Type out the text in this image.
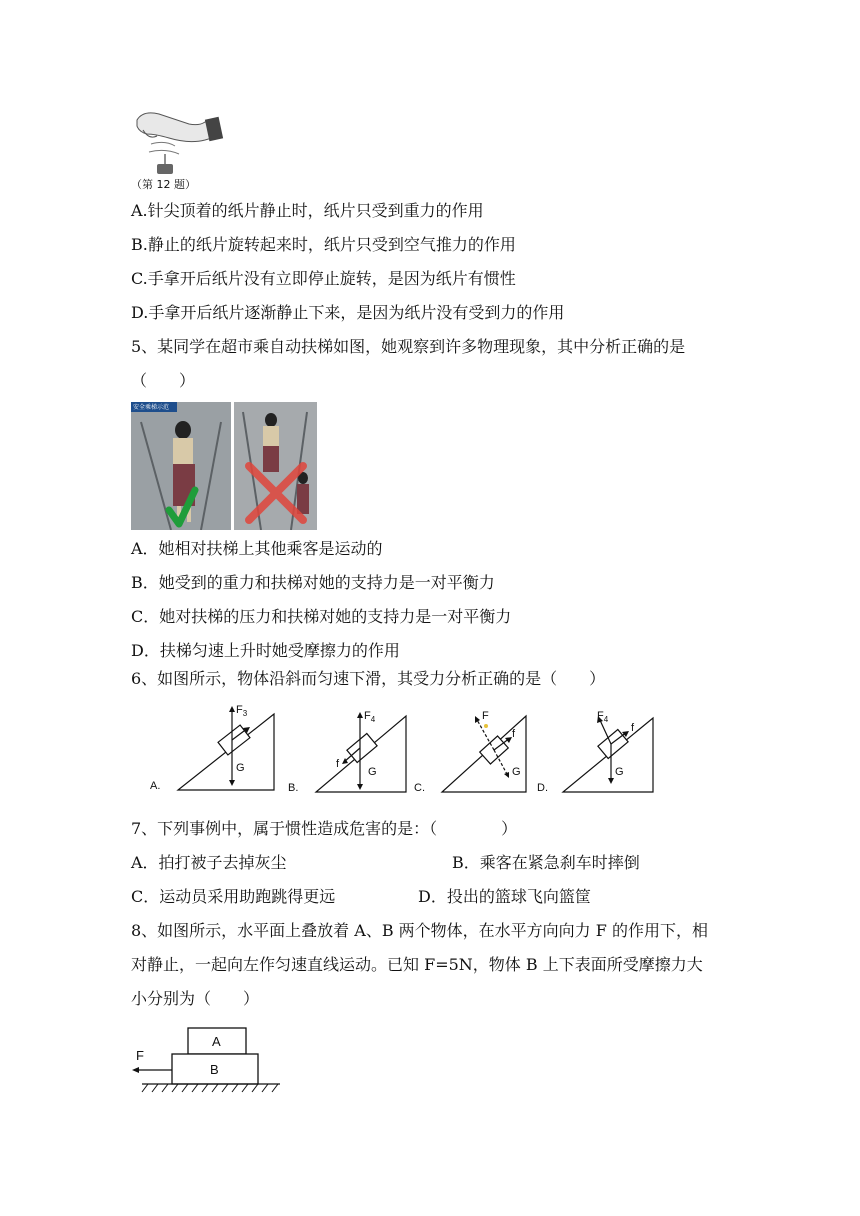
（第 12 题）
A.针尖顶着的纸片静止时，纸片只受到重力的作用
B.静止的纸片旋转起来时，纸片只受到空气推力的作用
C.手拿开后纸片没有立即停止旋转，是因为纸片有惯性
D.手拿开后纸片逐渐静止下来，是因为纸片没有受到力的作用
5、某同学在超市乘自动扶梯如图，她观察到许多物理现象，其中分析正确的是
（　　）
安全乘梯示范
A．她相对扶梯上其他乘客是运动的
B．她受到的重力和扶梯对她的支持力是一对平衡力
C．她对扶梯的压力和扶梯对她的支持力是一对平衡力
D．扶梯匀速上升时她受摩擦力的作用
6、如图所示，物体沿斜而匀速下滑，其受力分析正确的是（　　）
A.
$F_3$
G
B.
$F_4$
G
f
C.
F
G
f
D.
$F_4$
G
f
7、下列事例中，属于惯性造成危害的是：（　　　　）
A．拍打被子去掉灰尘	B．乘客在紧急刹车时摔倒
C．运动员采用助跑跳得更远	D．投出的篮球飞向篮筐
8、如图所示，水平面上叠放着 A、B 两个物体，在水平方向向力 F 的作用下，相
对静止，一起向左作匀速直线运动。已知 F=5N，物体 B 上下表面所受摩擦力大
小分别为（　　）
A
B
F
